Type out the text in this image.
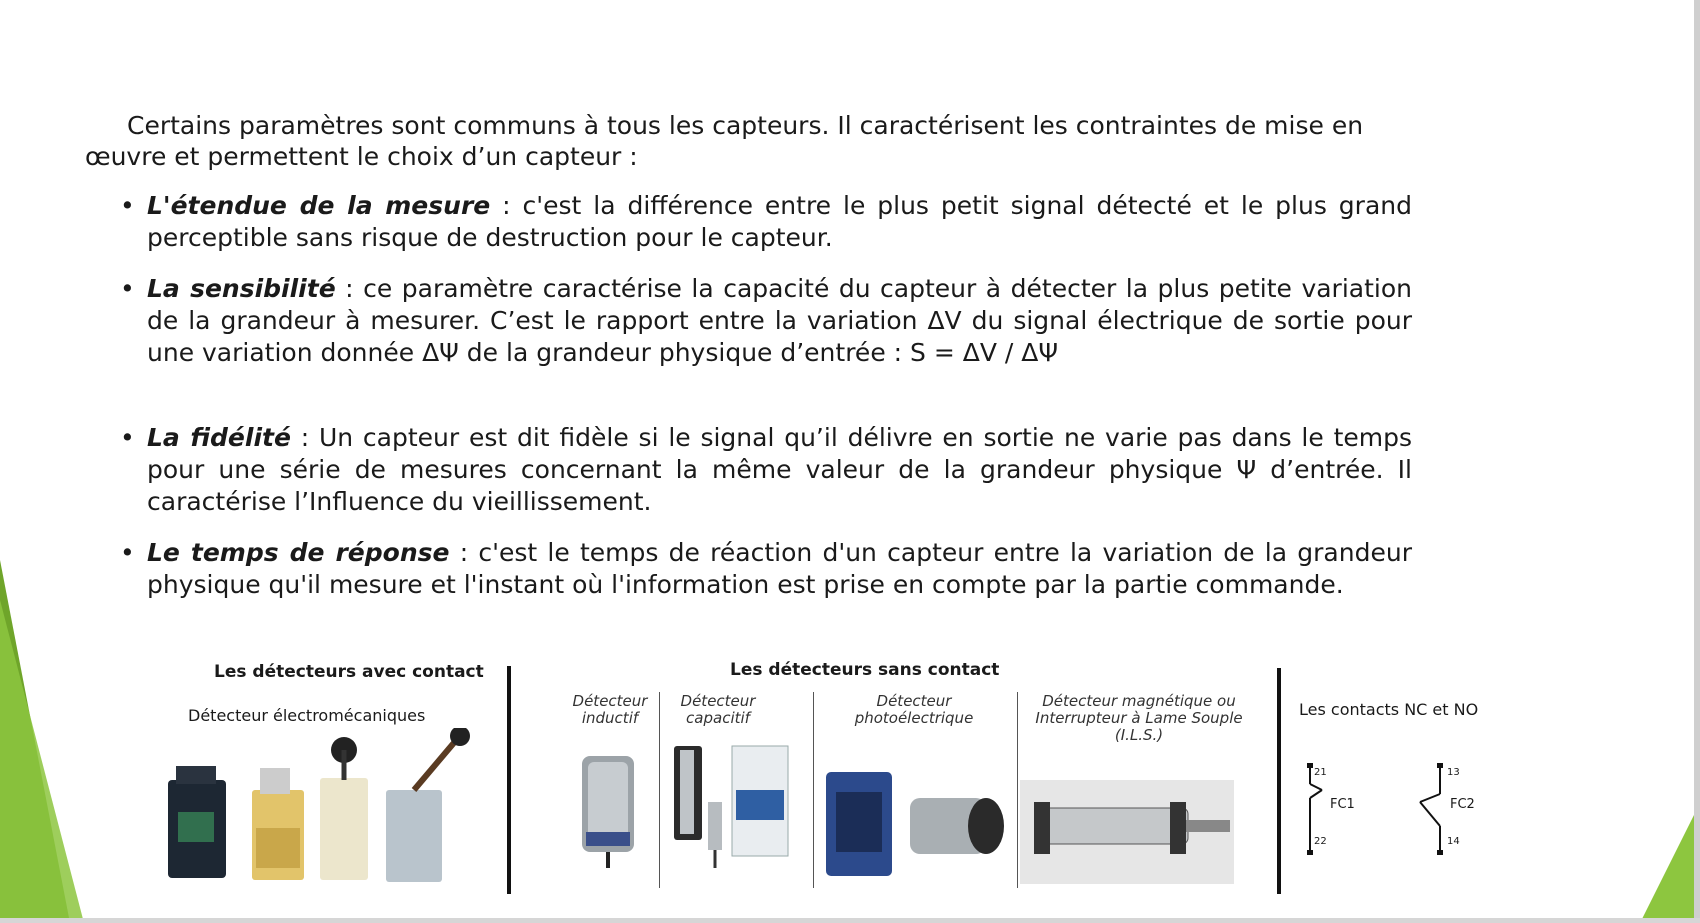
Certains paramètres sont communs à tous les capteurs. Il caractérisent les contraintes de mise en
œuvre et permettent le choix d’un capteur :
• L'étendue de la mesure : c'est la différence entre le plus petit signal détecté et le plus grand perceptible sans risque de destruction pour le capteur.
• La sensibilité : ce paramètre caractérise la capacité du capteur à détecter la plus petite variation de la grandeur à mesurer. C’est le rapport entre la variation ΔV du signal électrique de sortie pour une variation donnée ΔΨ de la grandeur physique d’entrée : S = ΔV / ΔΨ
• La fidélité : Un capteur est dit fidèle si le signal qu’il délivre en sortie ne varie pas dans le temps pour une série de mesures concernant la même valeur de la grandeur physique Ψ d’entrée. Il caractérise l’Influence du vieillissement.
• Le temps de réponse : c'est le temps de réaction d'un capteur entre la variation de la grandeur physique qu'il mesure et l'instant où l'information est prise en compte par la partie commande.
Les détecteurs avec contact
Détecteur électromécaniques
Les détecteurs sans contact
Détecteur inductif
Détecteur capacitif
Détecteur photoélectrique
Détecteur magnétique ou
Interrupteur à Lame Souple
(I.L.S.)
Les contacts NC et NO
21
22
FC1
13
14
FC2
